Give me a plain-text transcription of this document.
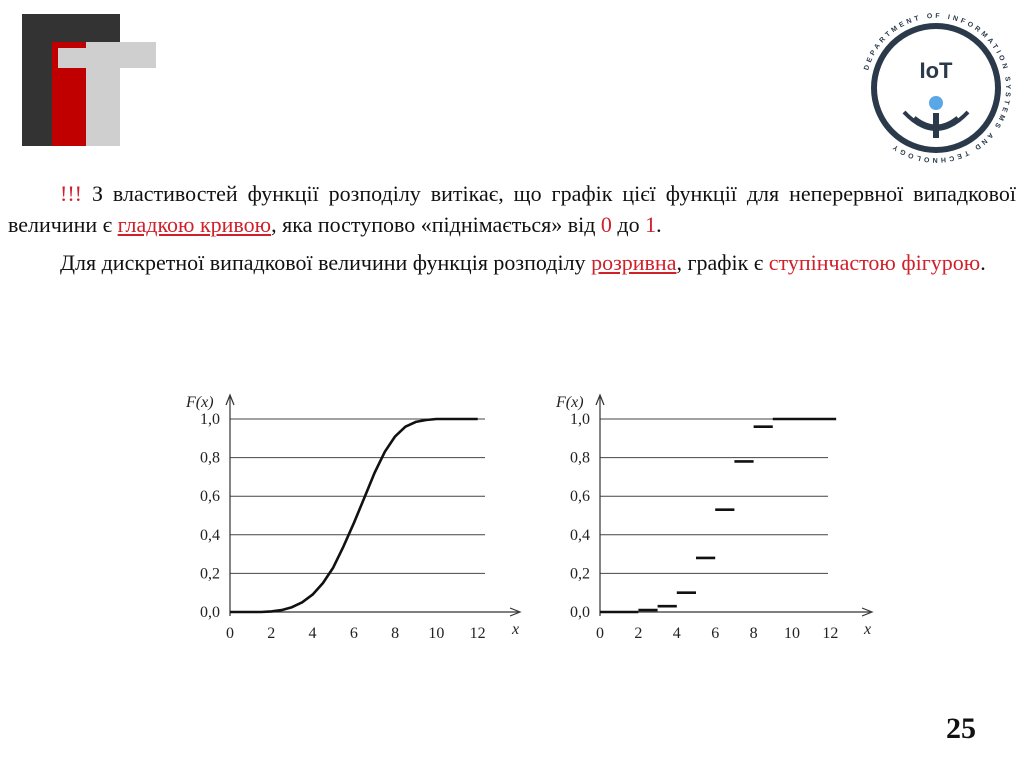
DEPARTMENT OF INFORMATION SYSTEMS AND TECHNOLOGY
IoT

!!! З властивостей функції розподілу витікає, що графік цієї функції для неперервної випадкової величини є гладкою кривою, яка поступово «піднімається» від 0 до 1.

Для дискретної випадкової величини функція розподілу розривна, графік є ступінчастою фігурою.

0,0
0,2
0,4
0,6
0,8
1,0
0 2 4 6 8 10 12
F(x)
x
0,0
0,2
0,4
0,6
0,8
1,0
0 2 4 6 8 10 12
F(x)
x
25
